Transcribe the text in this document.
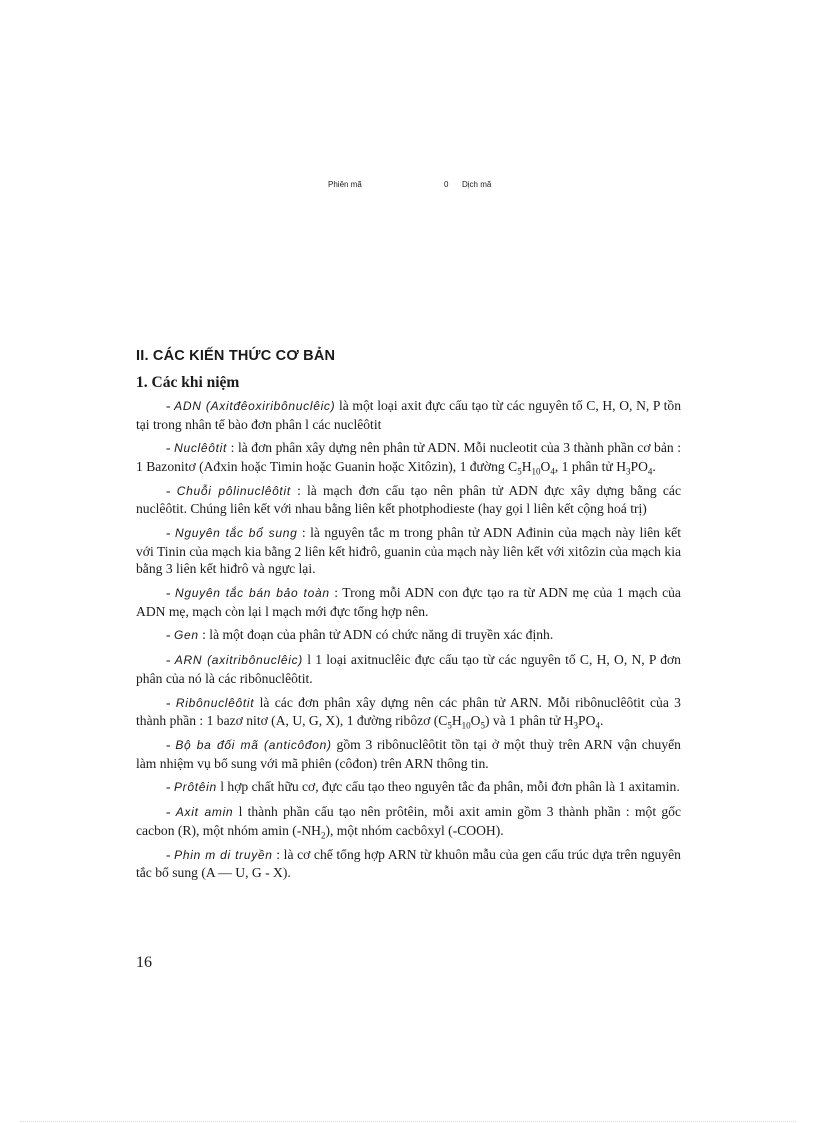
Phiên mã	0 Dịch mã
II. CÁC KIẾN THỨC CƠ BẢN
1. Các khi niệm

- ADN (Axitđêoxiribônuclêic) là một loại axit đực cấu tạo từ các nguyên tố C, H, O, N, P tồn tại trong nhân tế bào đơn phân l các nuclêôtit

- Nuclêôtit : là đơn phân xây dựng nên phân tử ADN. Mỗi nucleotit của 3 thành phần cơ bản : 1 Bazonitơ (Ađxin hoặc Timin hoặc Guanin hoặc Xitôzin), 1 đường $C_5H_{10}O_4$, 1 phân tử $H_3PO_4$.

- Chuỗi pôlinuclêôtit : là mạch đơn cấu tạo nên phân tử ADN đực xây dựng bằng các nuclêôtit. Chúng liên kết với nhau bằng liên kết photphodieste (hay gọi l liên kết cộng hoá trị)

- Nguyên tắc bổ sung : là nguyên tắc m trong phân tử ADN Ađinin của mạch này liên kết với Tinin của mạch kia bằng 2 liên kết hiđrô, guanin của mạch này liên kết với xitôzin của mạch kia bằng 3 liên kết hiđrô và ngực lại.

- Nguyên tắc bán bảo toàn : Trong mỗi ADN con đực tạo ra từ ADN mẹ của 1 mạch của ADN mẹ, mạch còn lại l mạch mới đực tổng hợp nên.

- Gen : là một đoạn của phân tử ADN có chức năng di truyền xác định.

- ARN (axitribônuclêic) l 1 loại axitnuclêic đực cấu tạo từ các nguyên tố C, H, O, N, P đơn phân của nó là các ribônuclêôtit.

- Ribônuclêôtit là các đơn phân xây dựng nên các phân tử ARN. Mỗi ribônuclêôtit của 3 thành phần : 1 bazơ nitơ (A, U, G, X), 1 đường ribôzơ $(C_5H_{10}O_5)$ và 1 phân tử $H_3PO_4$.

- Bộ ba đối mã (anticôđon) gồm 3 ribônuclêôtit tồn tại ở một thuỳ trên ARN vận chuyển làm nhiệm vụ bổ sung với mã phiên (côđon) trên ARN thông tin.

- Prôtêin l hợp chất hữu cơ, đực cấu tạo theo nguyên tắc đa phân, mỗi đơn phân là 1 axitamin.

- Axit amin l thành phần cấu tạo nên prôtêin, mỗi axit amin gồm 3 thành phần : một gốc cacbon (R), một nhóm amin $(-NH_2)$, một nhóm cacbôxyl (-COOH).

- Phin m di truyền : là cơ chế tổng hợp ARN từ khuôn mẫu của gen cấu trúc dựa trên nguyên tắc bổ sung (A — U, G - X).

16
